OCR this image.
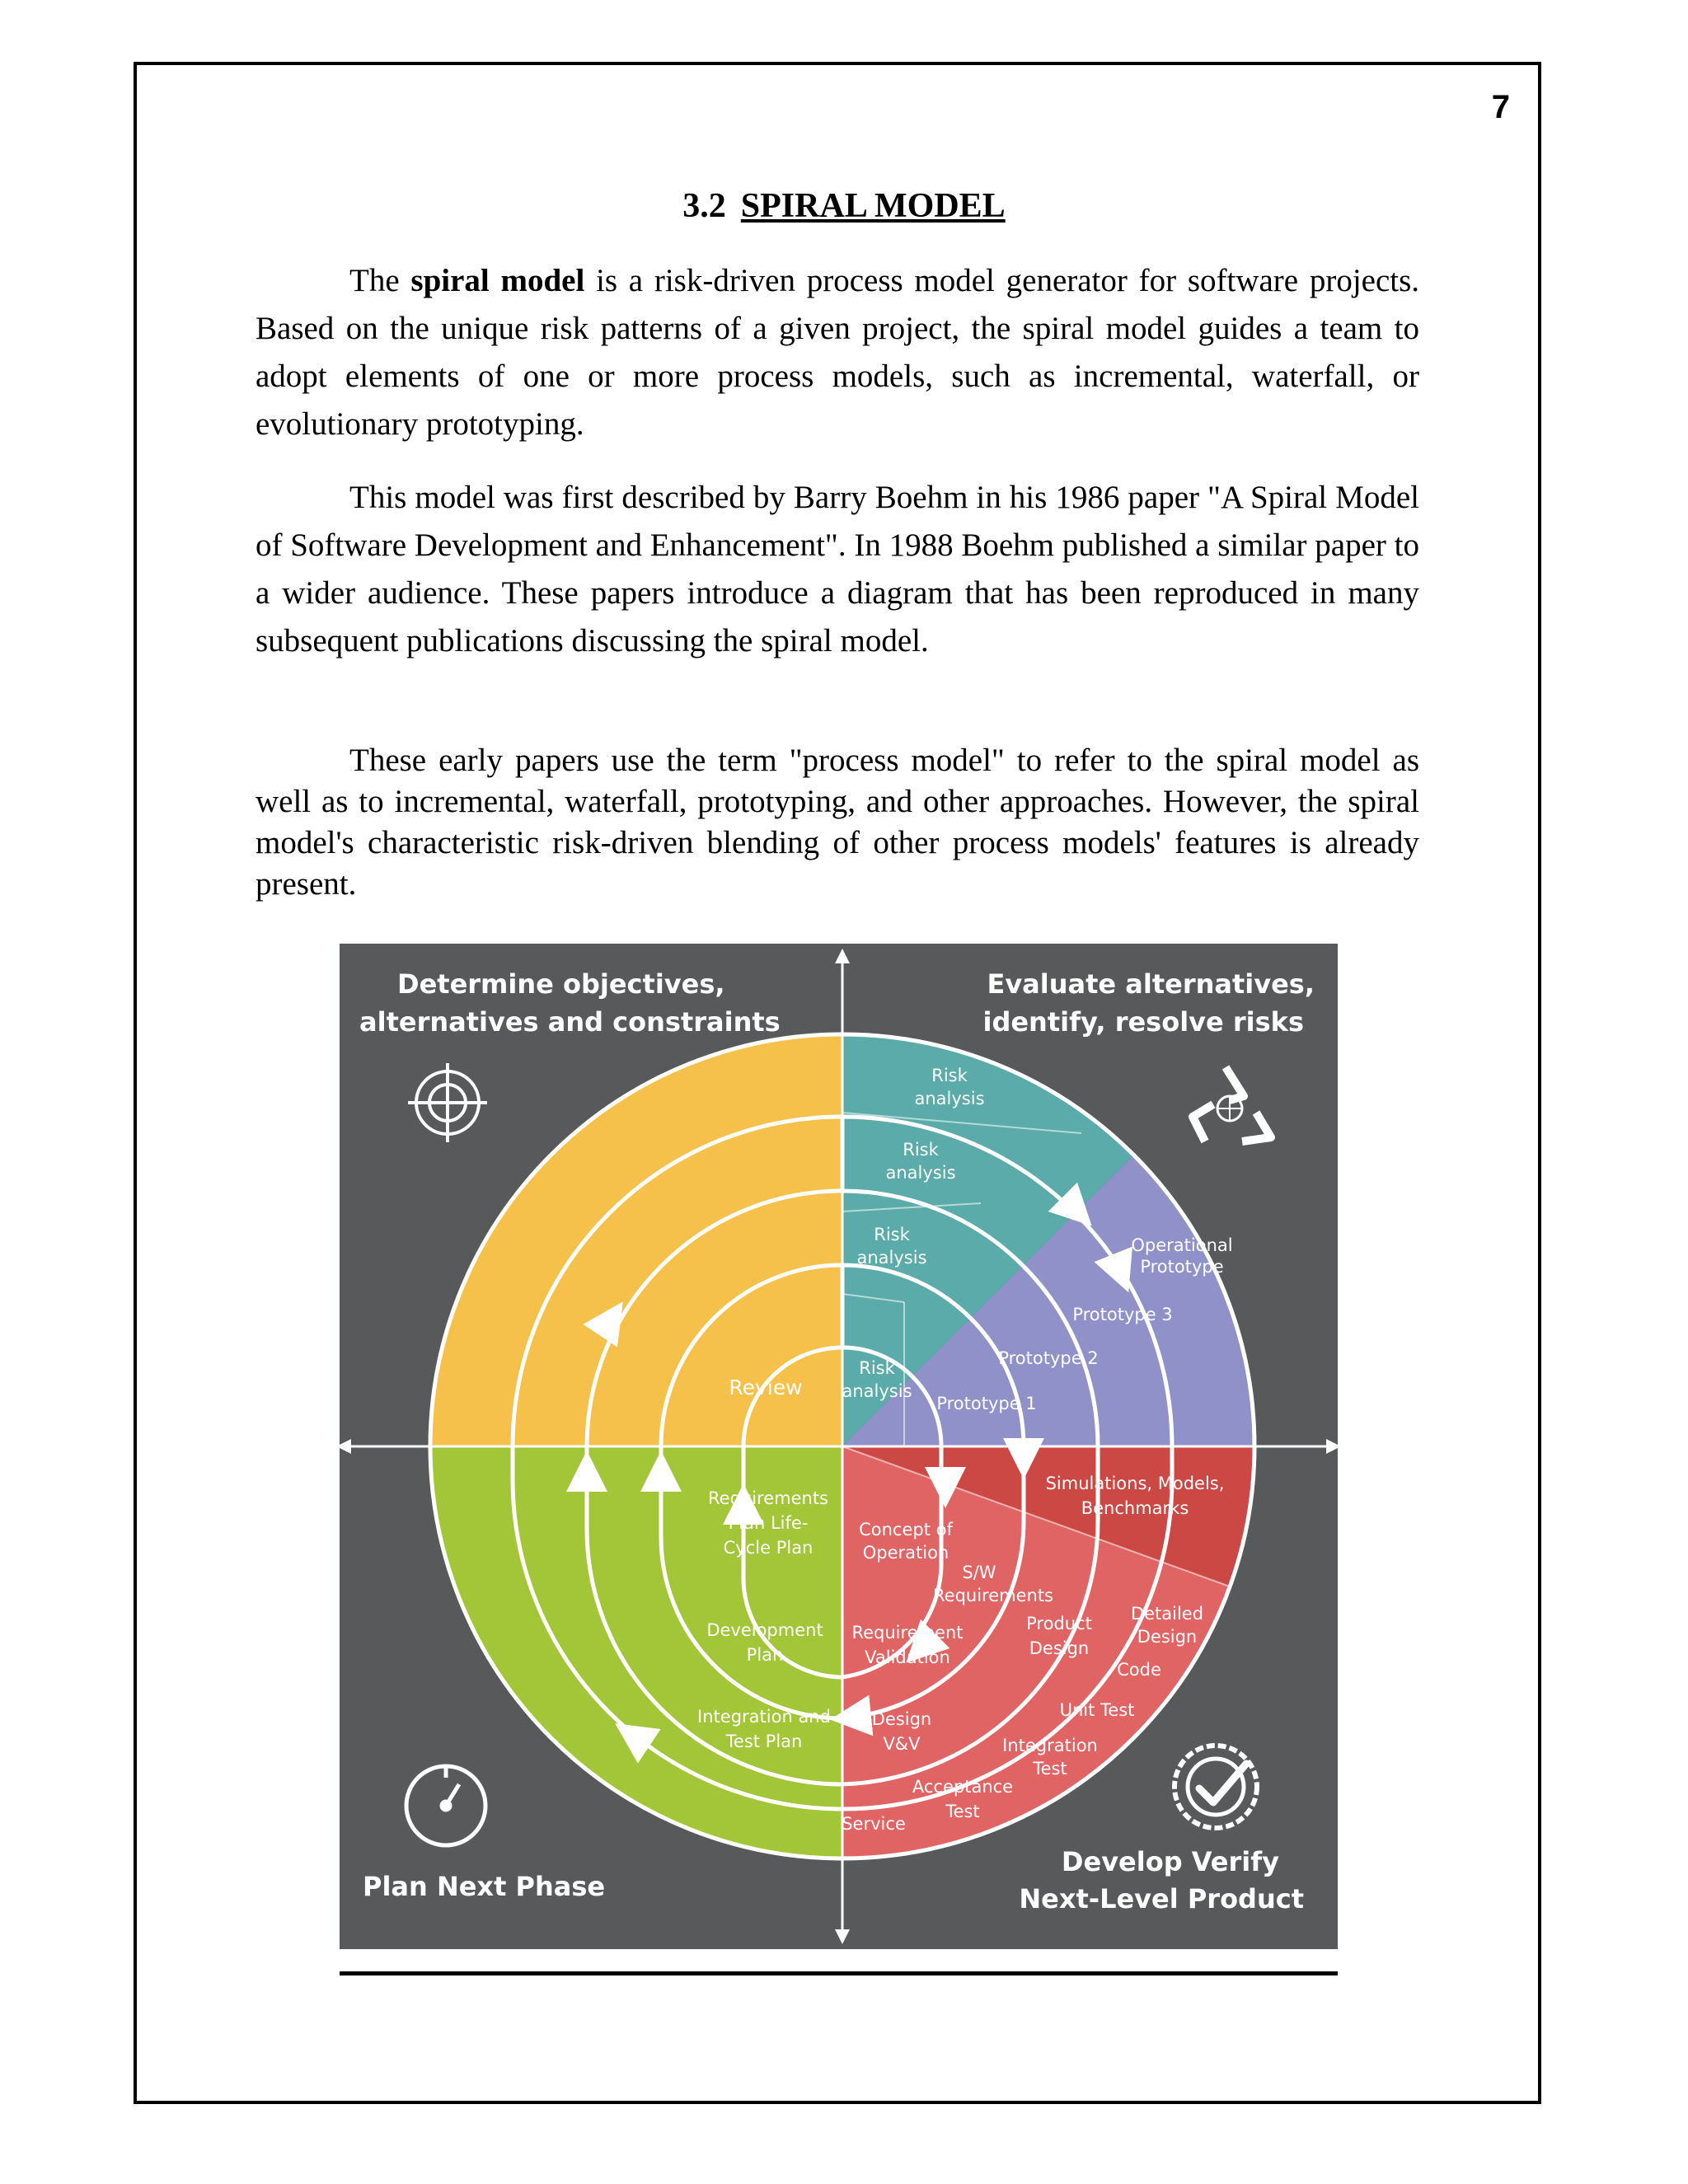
7
3.2 SPIRAL MODEL

The spiral model is a risk-driven process model generator for software projects. Based on the unique risk patterns of a given project, the spiral model guides a team to adopt elements of one or more process models, such as incremental, waterfall, or evolutionary prototyping.

This model was first described by Barry Boehm in his 1986 paper "A Spiral Model of Software Development and Enhancement". In 1988 Boehm published a similar paper to a wider audience. These papers introduce a diagram that has been reproduced in many subsequent publications discussing the spiral model.

These early papers use the term "process model" to refer to the spiral model as well as to incremental, waterfall, prototyping, and other approaches. However, the spiral model's characteristic risk-driven blending of other process models' features is already present.

Determine objectives,
alternatives and constraints
Evaluate alternatives,
identify, resolve risks
Plan Next Phase
Develop Verify
Next-Level Product
Risk analysis
Risk analysis
Risk analysis
Risk analysis
Operational Prototype
Prototype 3
Prototype 2
Prototype 1
Simulations, Models, Benchmarks
Requirements Plan Life-Cycle Plan
Concept of Operation
S/W Requirements
Development Plan
Requirement Validation
Product Design
Detailed Design
Code
Integration and Test Plan
Design V&V
Unit Test
Integration Test
Acceptance Test
Service
Review
